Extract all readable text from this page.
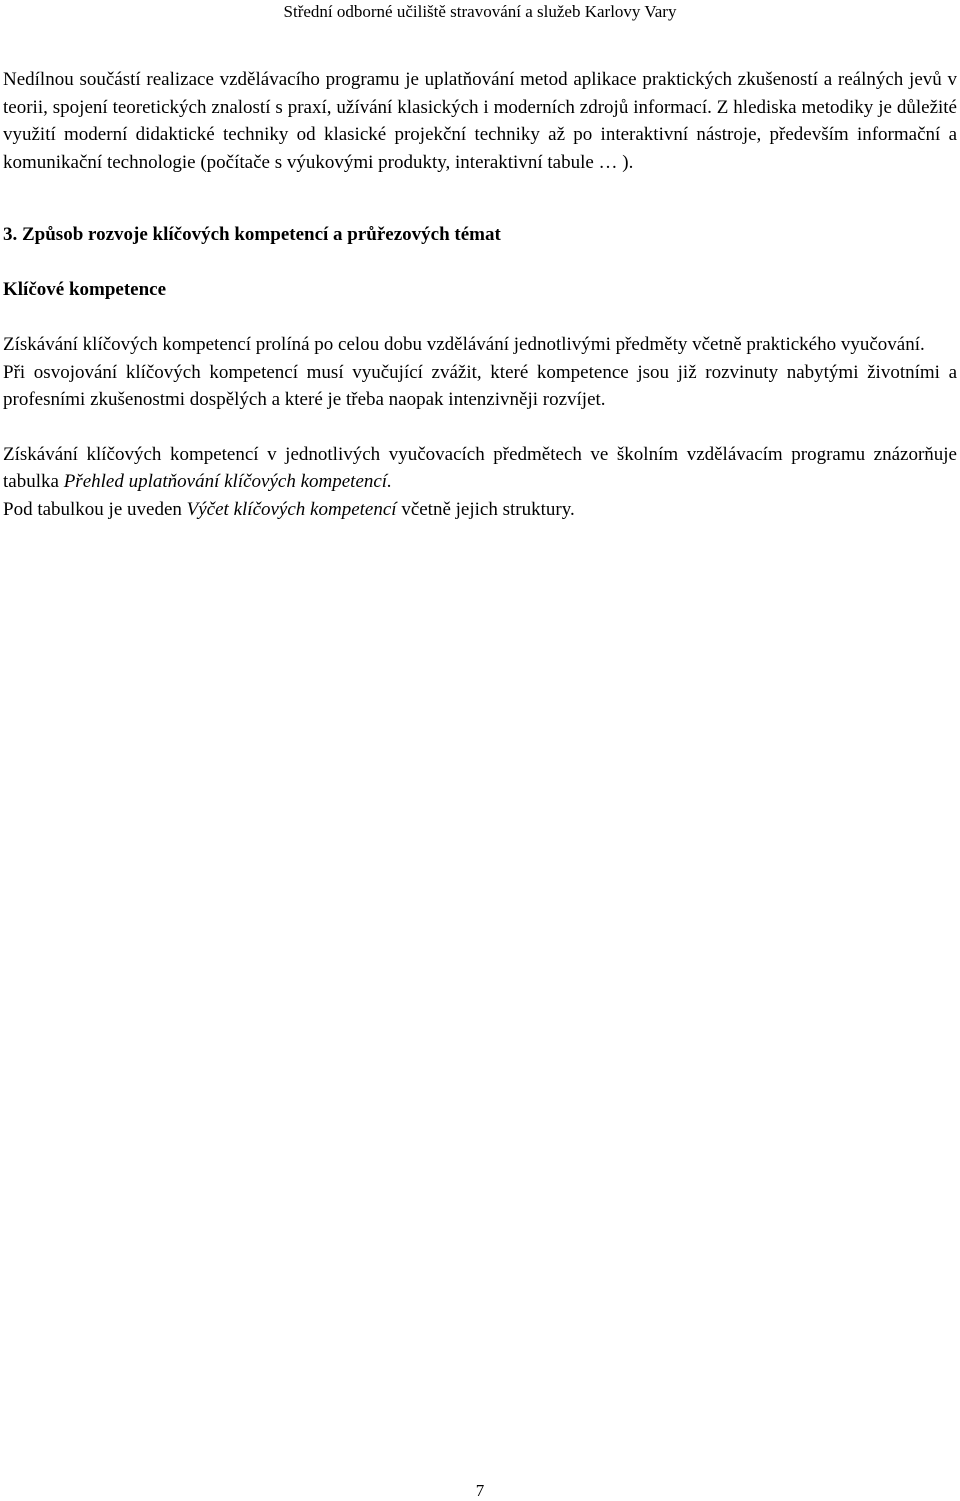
Střední odborné učiliště stravování a služeb Karlovy Vary

Nedílnou součástí realizace vzdělávacího programu je uplatňování metod aplikace praktických zkušeností a reálných jevů v teorii, spojení teoretických znalostí s praxí, užívání klasických i moderních zdrojů informací. Z hlediska metodiky je důležité využití moderní didaktické techniky od klasické projekční techniky až po interaktivní nástroje, především informační a komunikační technologie (počítače s výukovými produkty, interaktivní tabule … ).

3. Způsob rozvoje klíčových kompetencí a průřezových témat

Klíčové kompetence

Získávání klíčových kompetencí prolíná po celou dobu vzdělávání jednotlivými předměty včetně praktického vyučování.

Při osvojování klíčových kompetencí musí vyučující zvážit, které kompetence jsou již rozvinuty nabytými životními a profesními zkušenostmi dospělých a které je třeba naopak intenzivněji rozvíjet.

Získávání klíčových kompetencí v jednotlivých vyučovacích předmětech ve školním vzdělávacím programu znázorňuje tabulka Přehled uplatňování klíčových kompetencí.

Pod tabulkou je uveden Výčet klíčových kompetencí včetně jejich struktury.

7
